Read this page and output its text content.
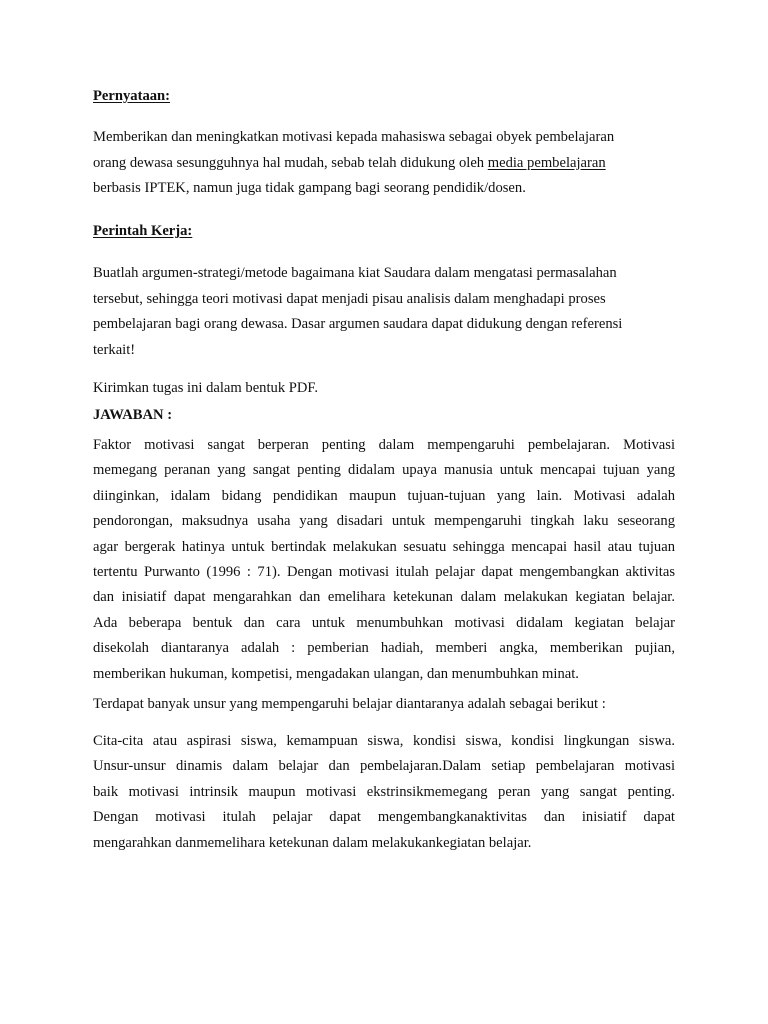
Pernyataan:

Memberikan dan meningkatkan motivasi kepada mahasiswa sebagai obyek pembelajaran
orang dewasa sesungguhnya hal mudah, sebab telah didukung oleh media pembelajaran
berbasis IPTEK, namun juga tidak gampang bagi seorang pendidik/dosen.

Perintah Kerja:

Buatlah argumen-strategi/metode bagaimana kiat Saudara dalam mengatasi permasalahan
tersebut, sehingga teori motivasi dapat menjadi pisau analisis dalam menghadapi proses
pembelajaran bagi orang dewasa. Dasar argumen saudara dapat didukung dengan referensi
terkait!

Kirimkan tugas ini dalam bentuk PDF.

JAWABAN :

Faktor motivasi sangat berperan penting dalam mempengaruhi pembelajaran. Motivasi
memegang peranan yang sangat penting didalam upaya manusia untuk mencapai tujuan yang
diinginkan, idalam bidang pendidikan maupun tujuan-tujuan yang lain. Motivasi adalah
pendorongan, maksudnya usaha yang disadari untuk mempengaruhi tingkah laku seseorang
agar bergerak hatinya untuk bertindak melakukan sesuatu sehingga mencapai hasil atau tujuan
tertentu Purwanto (1996 : 71). Dengan motivasi itulah pelajar dapat mengembangkan aktivitas
dan inisiatif dapat mengarahkan dan emelihara ketekunan dalam melakukan kegiatan belajar.
Ada beberapa bentuk dan cara untuk menumbuhkan motivasi didalam kegiatan belajar
disekolah diantaranya adalah : pemberian hadiah, memberi angka, memberikan pujian,
memberikan hukuman, kompetisi, mengadakan ulangan, dan menumbuhkan minat.

Terdapat banyak unsur yang mempengaruhi belajar diantaranya adalah sebagai berikut :

Cita-cita atau aspirasi siswa, kemampuan siswa, kondisi siswa, kondisi lingkungan siswa.
Unsur-unsur dinamis dalam belajar dan pembelajaran.Dalam setiap pembelajaran motivasi
baik motivasi intrinsik maupun motivasi ekstrinsikmemegang peran yang sangat penting.
Dengan motivasi itulah pelajar dapat mengembangkanaktivitas dan inisiatif dapat
mengarahkan danmemelihara ketekunan dalam melakukankegiatan belajar.
